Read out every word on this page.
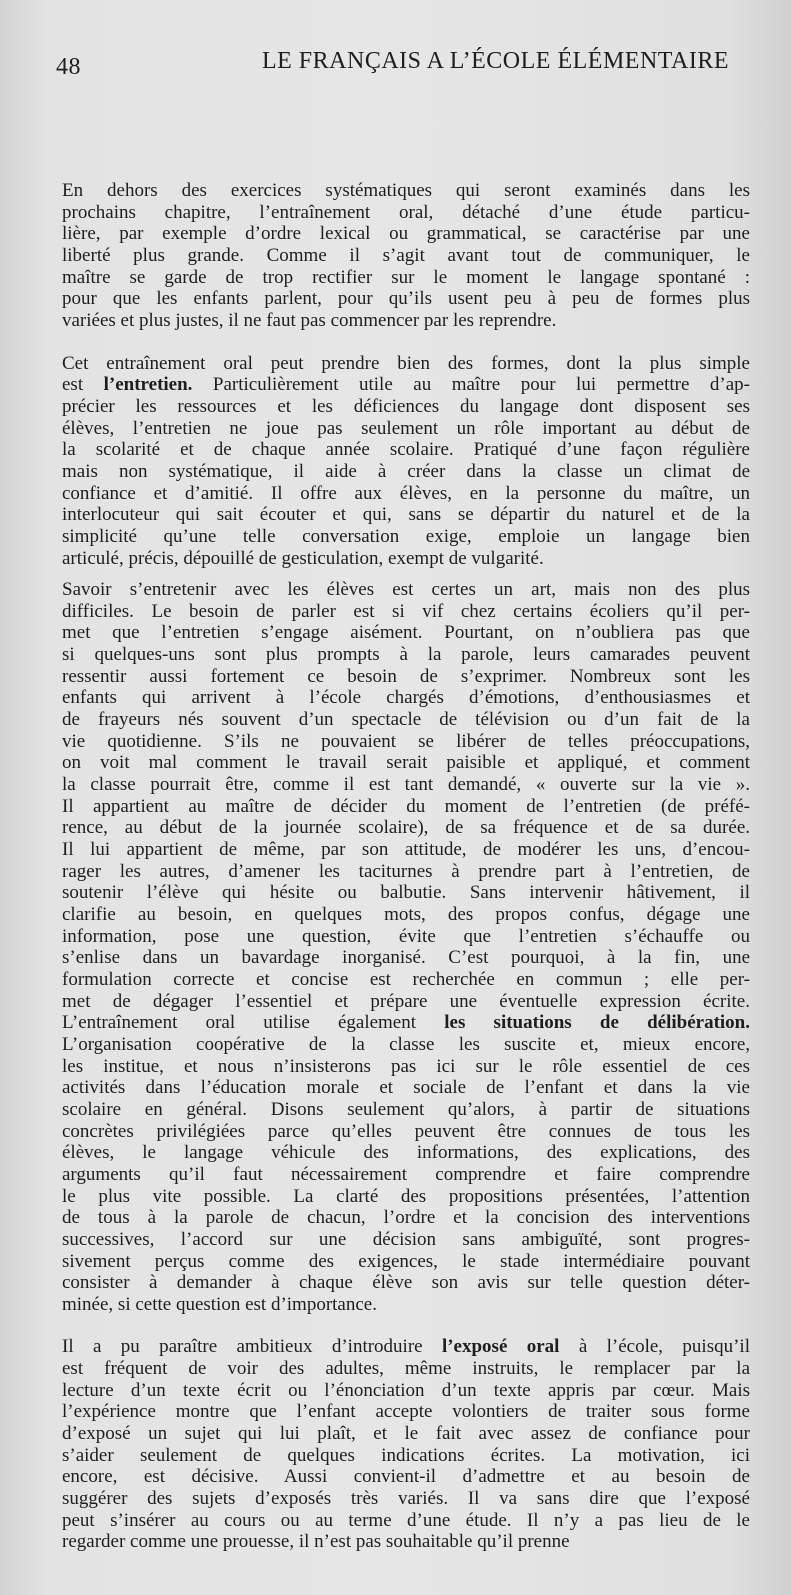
48	LE FRANÇAIS A L’ÉCOLE ÉLÉMENTAIRE

En dehors des exercices systématiques qui seront examinés dans les
prochains chapitre, l’entraînement oral, détaché d’une étude particu-
lière, par exemple d’ordre lexical ou grammatical, se caractérise par une
liberté plus grande. Comme il s’agit avant tout de communiquer, le
maître se garde de trop rectifier sur le moment le langage spontané :
pour que les enfants parlent, pour qu’ils usent peu à peu de formes plus
variées et plus justes, il ne faut pas commencer par les reprendre.

Cet entraînement oral peut prendre bien des formes, dont la plus simple
est l’entretien. Particulièrement utile au maître pour lui permettre d’ap-
précier les ressources et les déficiences du langage dont disposent ses
élèves, l’entretien ne joue pas seulement un rôle important au début de
la scolarité et de chaque année scolaire. Pratiqué d’une façon régulière
mais non systématique, il aide à créer dans la classe un climat de
confiance et d’amitié. Il offre aux élèves, en la personne du maître, un
interlocuteur qui sait écouter et qui, sans se départir du naturel et de la
simplicité qu’une telle conversation exige, emploie un langage bien
articulé, précis, dépouillé de gesticulation, exempt de vulgarité.

Savoir s’entretenir avec les élèves est certes un art, mais non des plus
difficiles. Le besoin de parler est si vif chez certains écoliers qu’il per-
met que l’entretien s’engage aisément. Pourtant, on n’oubliera pas que
si quelques-uns sont plus prompts à la parole, leurs camarades peuvent
ressentir aussi fortement ce besoin de s’exprimer. Nombreux sont les
enfants qui arrivent à l’école chargés d’émotions, d’enthousiasmes et
de frayeurs nés souvent d’un spectacle de télévision ou d’un fait de la
vie quotidienne. S’ils ne pouvaient se libérer de telles préoccupations,
on voit mal comment le travail serait paisible et appliqué, et comment
la classe pourrait être, comme il est tant demandé, « ouverte sur la vie ».
Il appartient au maître de décider du moment de l’entretien (de préfé-
rence, au début de la journée scolaire), de sa fréquence et de sa durée.
Il lui appartient de même, par son attitude, de modérer les uns, d’encou-
rager les autres, d’amener les taciturnes à prendre part à l’entretien, de
soutenir l’élève qui hésite ou balbutie. Sans intervenir hâtivement, il
clarifie au besoin, en quelques mots, des propos confus, dégage une
information, pose une question, évite que l’entretien s’échauffe ou
s’enlise dans un bavardage inorganisé. C’est pourquoi, à la fin, une
formulation correcte et concise est recherchée en commun ; elle per-
met de dégager l’essentiel et prépare une éventuelle expression écrite.
L’entraînement oral utilise également les situations de délibération.
L’organisation coopérative de la classe les suscite et, mieux encore,
les institue, et nous n’insisterons pas ici sur le rôle essentiel de ces
activités dans l’éducation morale et sociale de l’enfant et dans la vie
scolaire en général. Disons seulement qu’alors, à partir de situations
concrètes privilégiées parce qu’elles peuvent être connues de tous les
élèves, le langage véhicule des informations, des explications, des
arguments qu’il faut nécessairement comprendre et faire comprendre
le plus vite possible. La clarté des propositions présentées, l’attention
de tous à la parole de chacun, l’ordre et la concision des interventions
successives, l’accord sur une décision sans ambiguïté, sont progres-
sivement perçus comme des exigences, le stade intermédiaire pouvant
consister à demander à chaque élève son avis sur telle question déter-
minée, si cette question est d’importance.

Il a pu paraître ambitieux d’introduire l’exposé oral à l’école, puisqu’il
est fréquent de voir des adultes, même instruits, le remplacer par la
lecture d’un texte écrit ou l’énonciation d’un texte appris par cœur. Mais
l’expérience montre que l’enfant accepte volontiers de traiter sous forme
d’exposé un sujet qui lui plaît, et le fait avec assez de confiance pour
s’aider seulement de quelques indications écrites. La motivation, ici
encore, est décisive. Aussi convient-il d’admettre et au besoin de
suggérer des sujets d’exposés très variés. Il va sans dire que l’exposé
peut s’insérer au cours ou au terme d’une étude. Il n’y a pas lieu de le
regarder comme une prouesse, il n’est pas souhaitable qu’il prenne
